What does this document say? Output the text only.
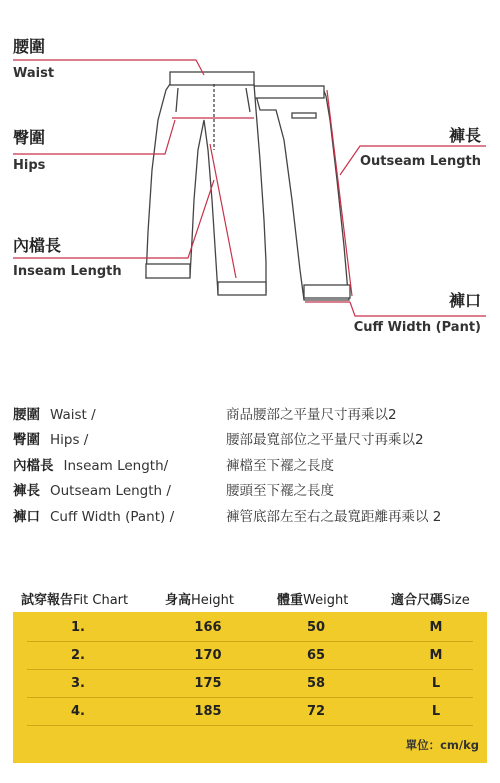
腰圍
Waist
臀圍
Hips
內檔長
Inseam Length
褲長
Outseam Length
褲口
Cuff Width (Pant)
腰圍 Waist /	商品腰部之平量尺寸再乘以2
臀圍 Hips /	腰部最寬部位之平量尺寸再乘以2
內檔長 Inseam Length/	褲檔至下襬之長度
褲長 Outseam Length /	腰頭至下襬之長度
褲口 Cuff Width (Pant) /	褲管底部左至右之最寬距離再乘以 2
試穿報告Fit Chart	身高Height	體重Weight	適合尺碼Size
1.	166	50	M
2.	170	65	M
3.	175	58	L
4.	185	72	L
單位：cm/kg
